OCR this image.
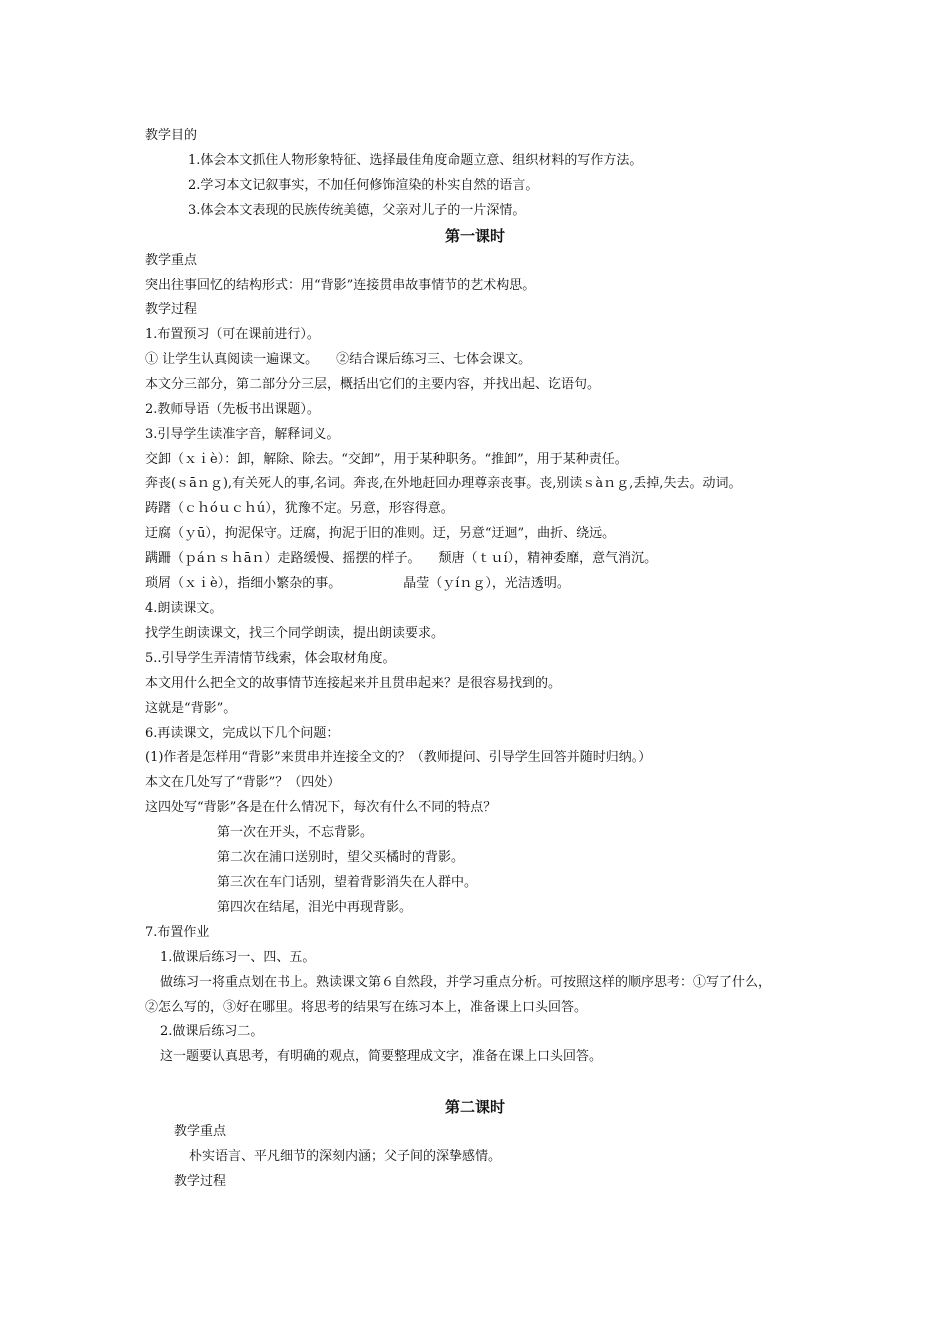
教学目的
1.体会本文抓住人物形象特征、选择最佳角度命题立意、组织材料的写作方法。
2.学习本文记叙事实，不加任何修饰渲染的朴实自然的语言。
3.体会本文表现的民族传统美德，父亲对儿子的一片深情。
第一课时
教学重点
突出往事回忆的结构形式：用“背影”连接贯串故事情节的艺术构思。
教学过程
1.布置预习（可在课前进行）。
① 让学生认真阅读一遍课文。 ②结合课后练习三、七体会课文。
本文分三部分，第二部分分三层，概括出它们的主要内容，并找出起、讫语句。
2.教师导语（先板书出课题）。
3.引导学生读准字音，解释词义。
交卸（ｘｉè）：卸，解除、除去。“交卸”，用于某种职务。“推卸”，用于某种责任。
奔丧(ｓāｎｇ),有关死人的事,名词。奔丧,在外地赶回办理尊亲丧事。丧,别读ｓàｎｇ,丢掉,失去。动词。
踌躇（ｃｈóｕｃｈú），犹豫不定。另意，形容得意。
迂腐（ｙū），拘泥保守。迂腐，拘泥于旧的准则。迂，另意“迂迴”，曲折、绕远。
蹒跚（ｐáｎｓｈāｎ）走路缓慢、摇摆的样子。 颓唐（ｔｕí），精神委靡，意气消沉。
琐屑（ｘｉè），指细小繁杂的事。	晶莹（ｙíｎｇ），光洁透明。
4.朗读课文。
找学生朗读课文，找三个同学朗读，提出朗读要求。
5..引导学生弄清情节线索，体会取材角度。
本文用什么把全文的故事情节连接起来并且贯串起来？是很容易找到的。
这就是“背影”。
6.再读课文，完成以下几个问题：
(1)作者是怎样用“背影”来贯串并连接全文的？（教师提问、引导学生回答并随时归纳。）
本文在几处写了“背影”？（四处）
这四处写“背影”各是在什么情况下，每次有什么不同的特点？
第一次在开头，不忘背影。
第二次在浦口送别时，望父买橘时的背影。
第三次在车门话别，望着背影消失在人群中。
第四次在结尾，泪光中再现背影。
7.布置作业
1.做课后练习一、四、五。
做练习一将重点划在书上。熟读课文第６自然段，并学习重点分析。可按照这样的顺序思考：①写了什么，
②怎么写的，③好在哪里。将思考的结果写在练习本上，准备课上口头回答。
2.做课后练习二。
这一题要认真思考，有明确的观点，简要整理成文字，准备在课上口头回答。
第二课时
教学重点
朴实语言、平凡细节的深刻内涵；父子间的深挚感情。
教学过程
